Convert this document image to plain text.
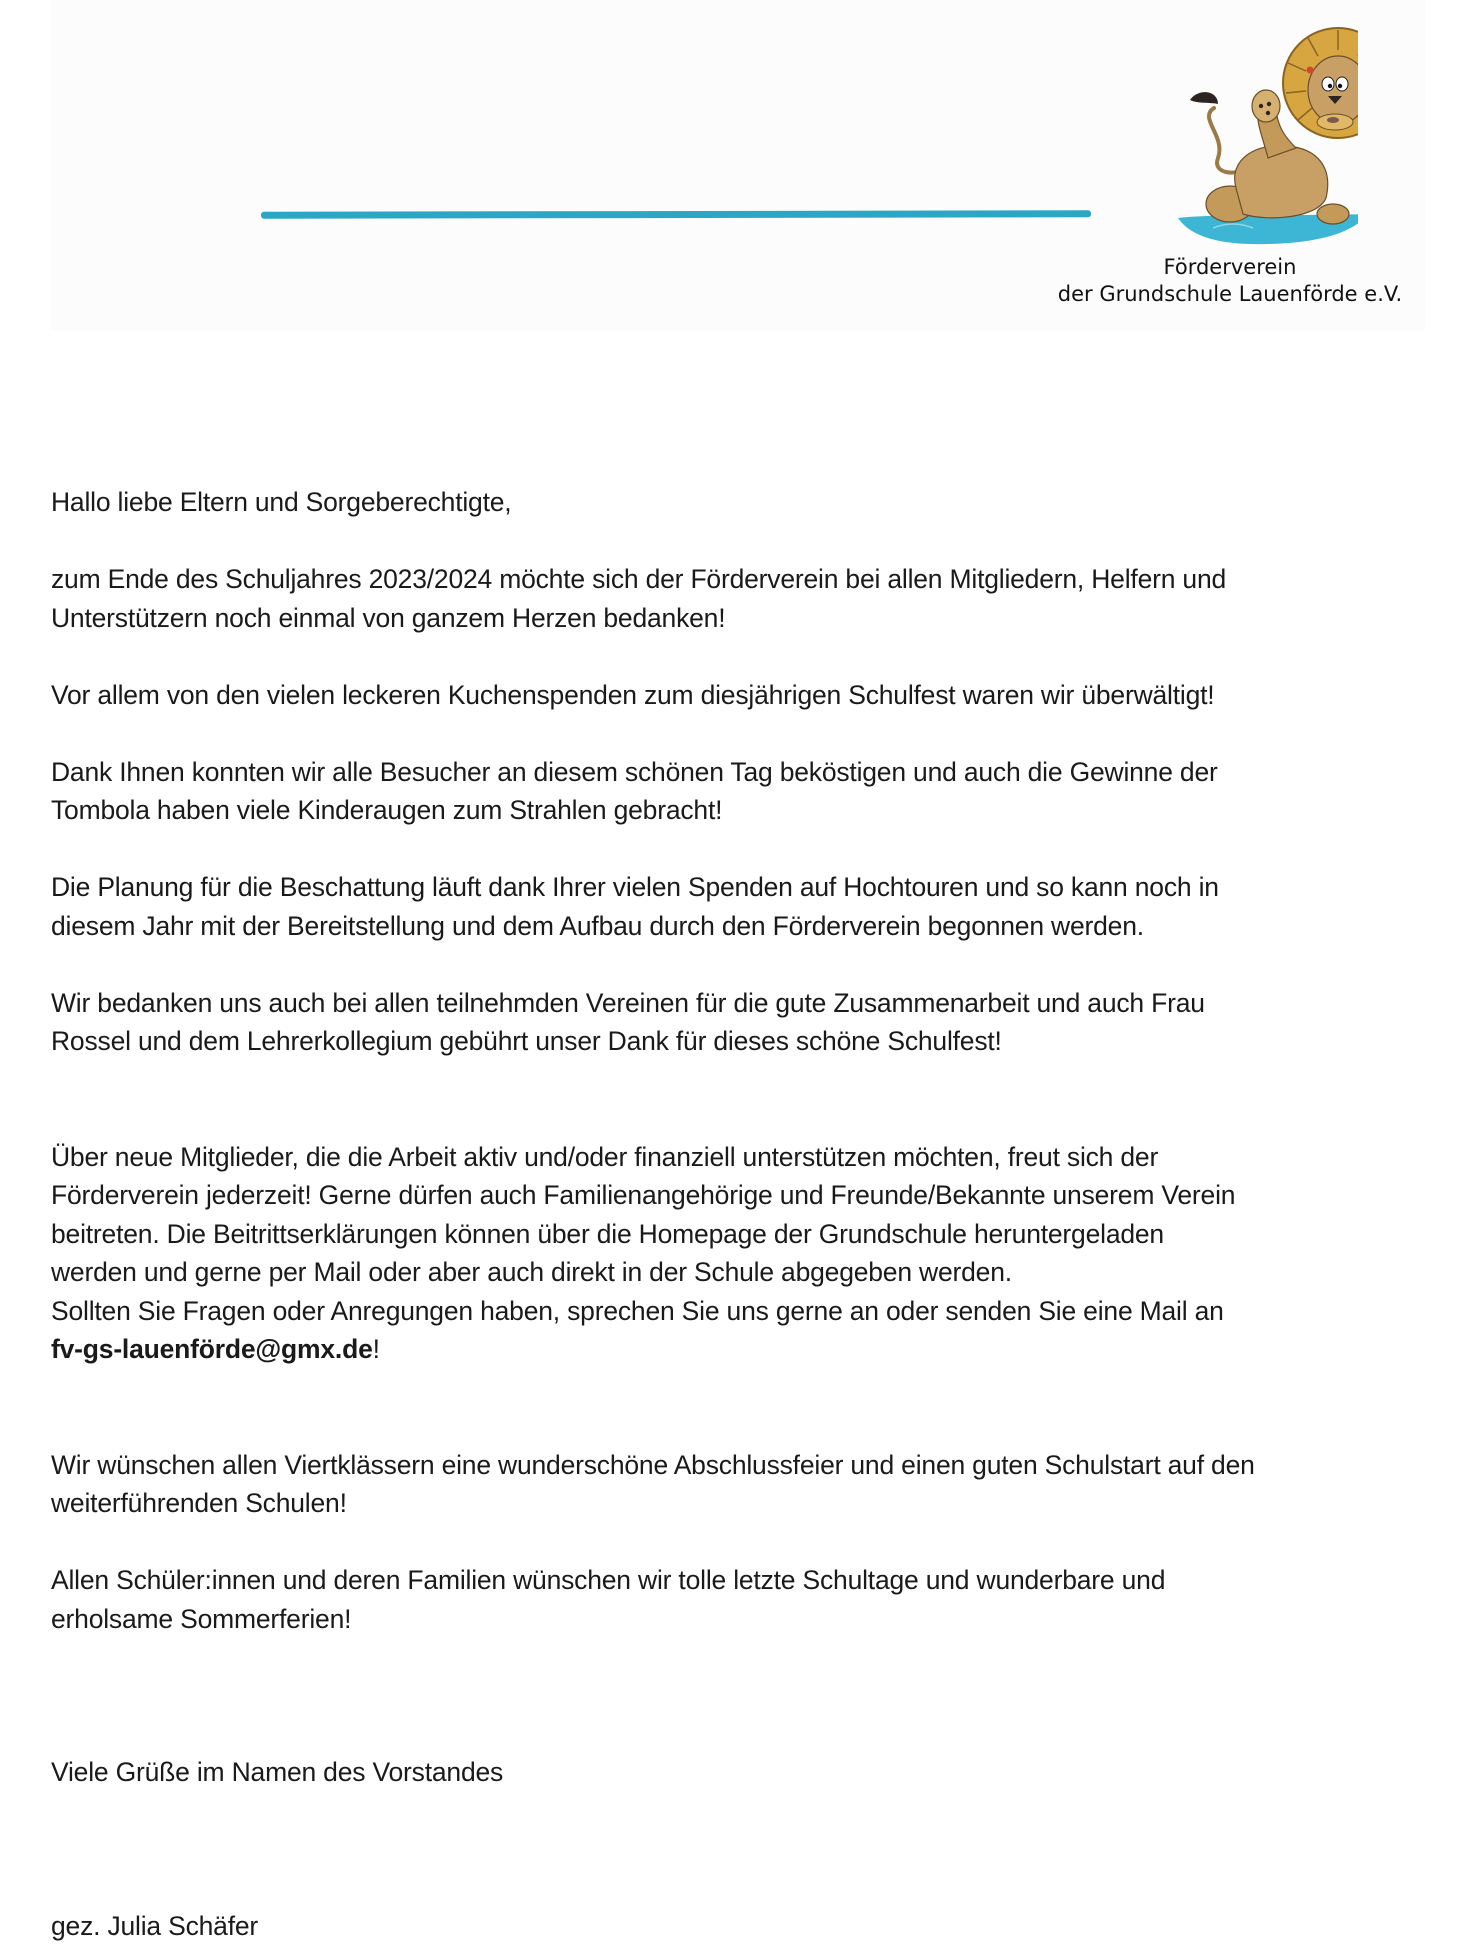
Förderverein
der Grundschule Lauenförde e.V.

Hallo liebe Eltern und Sorgeberechtigte,

zum Ende des Schuljahres 2023/2024 möchte sich der Förderverein bei allen Mitgliedern, Helfern und

Unterstützern noch einmal von ganzem Herzen bedanken!

Vor allem von den vielen leckeren Kuchenspenden zum diesjährigen Schulfest waren wir überwältigt!

Dank Ihnen konnten wir alle Besucher an diesem schönen Tag beköstigen und auch die Gewinne der

Tombola haben viele Kinderaugen zum Strahlen gebracht!

Die Planung für die Beschattung läuft dank Ihrer vielen Spenden auf Hochtouren und so kann noch in

diesem Jahr mit der Bereitstellung und dem Aufbau durch den Förderverein begonnen werden.

Wir bedanken uns auch bei allen teilnehmden Vereinen für die gute Zusammenarbeit und auch Frau

Rossel und dem Lehrerkollegium gebührt unser Dank für dieses schöne Schulfest!

Über neue Mitglieder, die die Arbeit aktiv und/oder finanziell unterstützen möchten, freut sich der

Förderverein jederzeit! Gerne dürfen auch Familienangehörige und Freunde/Bekannte unserem Verein

beitreten. Die Beitrittserklärungen können über die Homepage der Grundschule heruntergeladen

werden und gerne per Mail oder aber auch direkt in der Schule abgegeben werden.

Sollten Sie Fragen oder Anregungen haben, sprechen Sie uns gerne an oder senden Sie eine Mail an

fv-gs-lauenförde@gmx.de!

Wir wünschen allen Viertklässern eine wunderschöne Abschlussfeier und einen guten Schulstart auf den

weiterführenden Schulen!

Allen Schüler:innen und deren Familien wünschen wir tolle letzte Schultage und wunderbare und

erholsame Sommerferien!

Viele Grüße im Namen des Vorstandes

gez. Julia Schäfer
